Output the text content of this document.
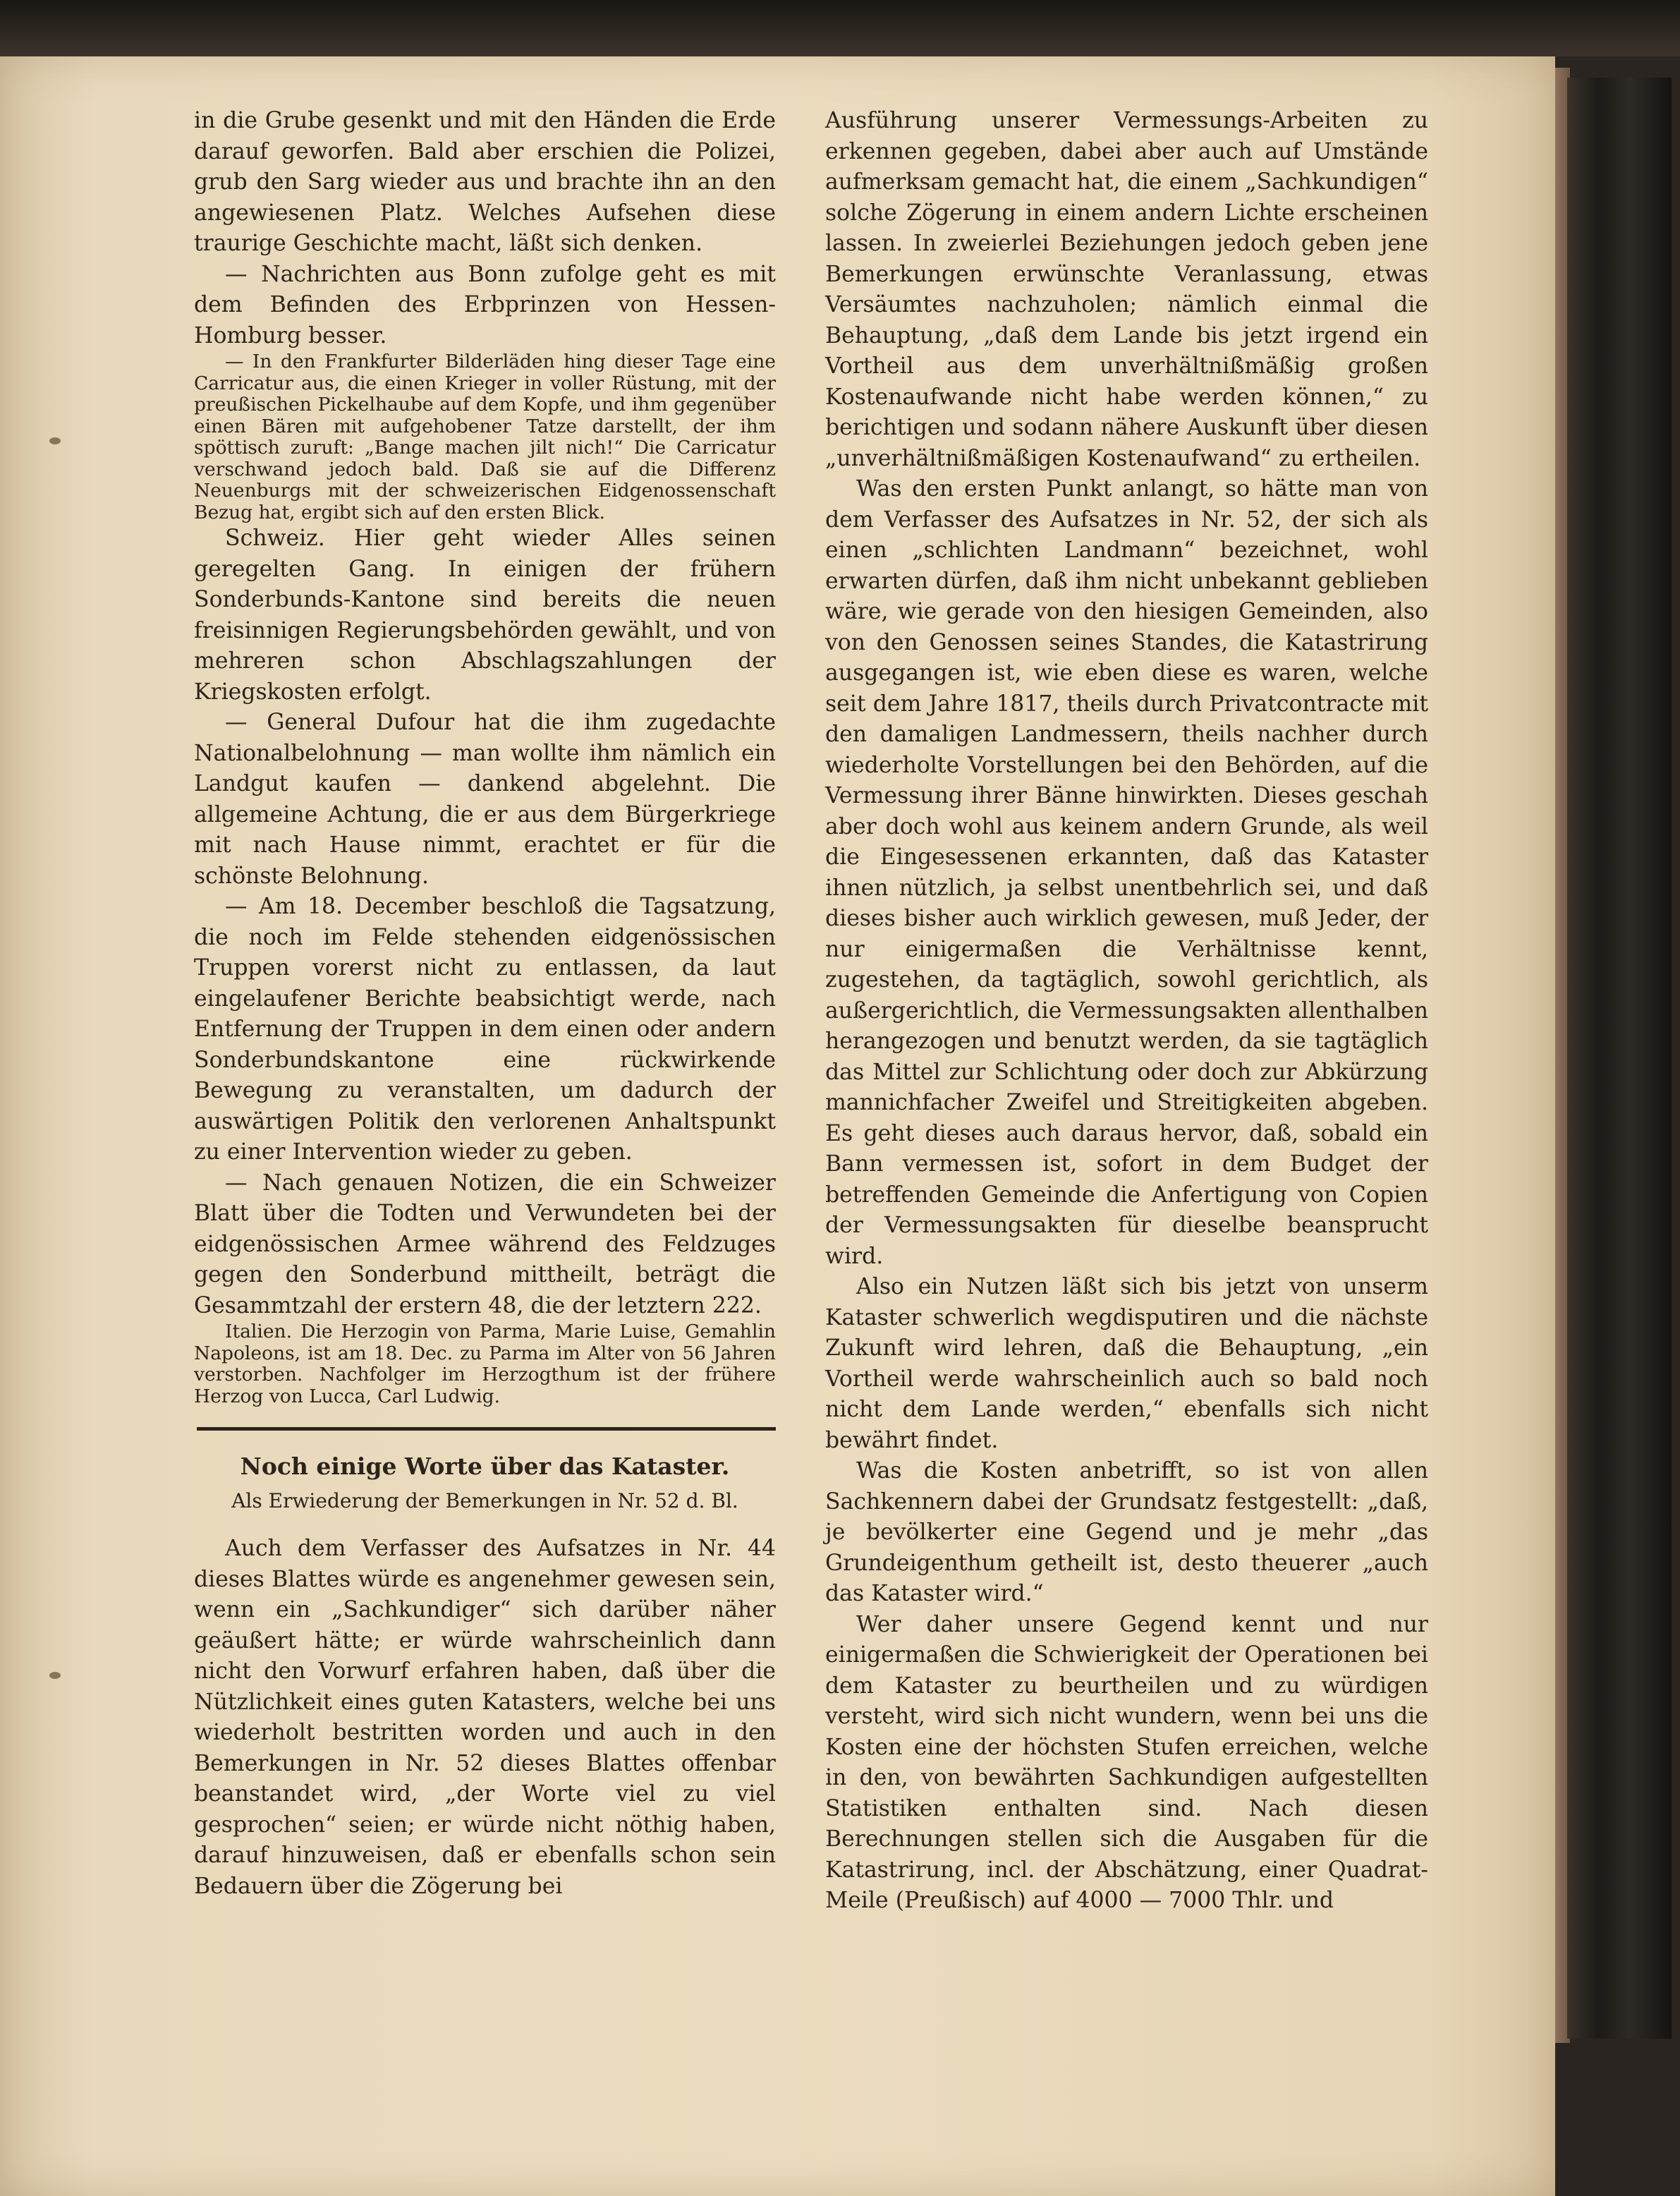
in die Grube gesenkt und mit den Händen die Erde darauf geworfen. Bald aber erschien die Polizei, grub den Sarg wieder aus und brachte ihn an den angewiesenen Platz. Welches Aufsehen diese traurige Geschichte macht, läßt sich denken.

— Nachrichten aus Bonn zufolge geht es mit dem Befinden des Erbprinzen von Hessen-Homburg besser.

— In den Frankfurter Bilderläden hing dieser Tage eine Carricatur aus, die einen Krieger in voller Rüstung, mit der preußischen Pickelhaube auf dem Kopfe, und ihm gegenüber einen Bären mit aufgehobener Tatze darstellt, der ihm spöttisch zuruft: „Bange machen jilt nich!“ Die Carricatur verschwand jedoch bald. Daß sie auf die Differenz Neuenburgs mit der schweizerischen Eidgenossenschaft Bezug hat, ergibt sich auf den ersten Blick.

Schweiz. Hier geht wieder Alles seinen geregelten Gang. In einigen der frühern Sonderbunds-Kantone sind bereits die neuen freisinnigen Regierungsbehörden gewählt, und von mehreren schon Abschlagszahlungen der Kriegskosten erfolgt.

— General Dufour hat die ihm zugedachte Nationalbelohnung — man wollte ihm nämlich ein Landgut kaufen — dankend abgelehnt. Die allgemeine Achtung, die er aus dem Bürgerkriege mit nach Hause nimmt, erachtet er für die schönste Belohnung.

— Am 18. December beschloß die Tagsatzung, die noch im Felde stehenden eidgenössischen Truppen vorerst nicht zu entlassen, da laut eingelaufener Berichte beabsichtigt werde, nach Entfernung der Truppen in dem einen oder andern Sonderbundskantone eine rückwirkende Bewegung zu veranstalten, um dadurch der auswärtigen Politik den verlorenen Anhaltspunkt zu einer Intervention wieder zu geben.

— Nach genauen Notizen, die ein Schweizer Blatt über die Todten und Verwundeten bei der eidgenössischen Armee während des Feldzuges gegen den Sonderbund mittheilt, beträgt die Gesammtzahl der erstern 48, die der letztern 222.

Italien. Die Herzogin von Parma, Marie Luise, Gemahlin Napoleons, ist am 18. Dec. zu Parma im Alter von 56 Jahren verstorben. Nachfolger im Herzogthum ist der frühere Herzog von Lucca, Carl Ludwig.

Noch einige Worte über das Kataster.
Als Erwiederung der Bemerkungen in Nr. 52 d. Bl.

Auch dem Verfasser des Aufsatzes in Nr. 44 dieses Blattes würde es angenehmer gewesen sein, wenn ein „Sachkundiger“ sich darüber näher geäußert hätte; er würde wahrscheinlich dann nicht den Vorwurf erfahren haben, daß über die Nützlichkeit eines guten Katasters, welche bei uns wiederholt bestritten worden und auch in den Bemerkungen in Nr. 52 dieses Blattes offenbar beanstandet wird, „der Worte viel zu viel gesprochen“ seien; er würde nicht nöthig haben, darauf hinzuweisen, daß er ebenfalls schon sein Bedauern über die Zögerung bei

Ausführung unserer Vermessungs-Arbeiten zu erkennen gegeben, dabei aber auch auf Umstände aufmerksam gemacht hat, die einem „Sachkundigen“ solche Zögerung in einem andern Lichte erscheinen lassen. In zweierlei Beziehungen jedoch geben jene Bemerkungen erwünschte Veranlassung, etwas Versäumtes nachzuholen; nämlich einmal die Behauptung, „daß dem Lande bis jetzt irgend ein Vortheil aus dem unverhältnißmäßig großen Kostenaufwande nicht habe werden können,“ zu berichtigen und sodann nähere Auskunft über diesen „unverhältnißmäßigen Kostenaufwand“ zu ertheilen.

Was den ersten Punkt anlangt, so hätte man von dem Verfasser des Aufsatzes in Nr. 52, der sich als einen „schlichten Landmann“ bezeichnet, wohl erwarten dürfen, daß ihm nicht unbekannt geblieben wäre, wie gerade von den hiesigen Gemeinden, also von den Genossen seines Standes, die Katastrirung ausgegangen ist, wie eben diese es waren, welche seit dem Jahre 1817, theils durch Privatcontracte mit den damaligen Landmessern, theils nachher durch wiederholte Vorstellungen bei den Behörden, auf die Vermessung ihrer Bänne hinwirkten. Dieses geschah aber doch wohl aus keinem andern Grunde, als weil die Eingesessenen erkannten, daß das Kataster ihnen nützlich, ja selbst unentbehrlich sei, und daß dieses bisher auch wirklich gewesen, muß Jeder, der nur einigermaßen die Verhältnisse kennt, zugestehen, da tagtäglich, sowohl gerichtlich, als außergerichtlich, die Vermessungsakten allenthalben herangezogen und benutzt werden, da sie tagtäglich das Mittel zur Schlichtung oder doch zur Abkürzung mannichfacher Zweifel und Streitigkeiten abgeben. Es geht dieses auch daraus hervor, daß, sobald ein Bann vermessen ist, sofort in dem Budget der betreffenden Gemeinde die Anfertigung von Copien der Vermessungsakten für dieselbe beansprucht wird.

Also ein Nutzen läßt sich bis jetzt von unserm Kataster schwerlich wegdisputiren und die nächste Zukunft wird lehren, daß die Behauptung, „ein Vortheil werde wahrscheinlich auch so bald noch nicht dem Lande werden,“ ebenfalls sich nicht bewährt findet.

Was die Kosten anbetrifft, so ist von allen Sachkennern dabei der Grundsatz festgestellt: „daß, je bevölkerter eine Gegend und je mehr „das Grundeigenthum getheilt ist, desto theuerer „auch das Kataster wird.“

Wer daher unsere Gegend kennt und nur einigermaßen die Schwierigkeit der Operationen bei dem Kataster zu beurtheilen und zu würdigen versteht, wird sich nicht wundern, wenn bei uns die Kosten eine der höchsten Stufen erreichen, welche in den, von bewährten Sachkundigen aufgestellten Statistiken enthalten sind. Nach diesen Berechnungen stellen sich die Ausgaben für die Katastrirung, incl. der Abschätzung, einer Quadrat-Meile (Preußisch) auf 4000 — 7000 Thlr. und
